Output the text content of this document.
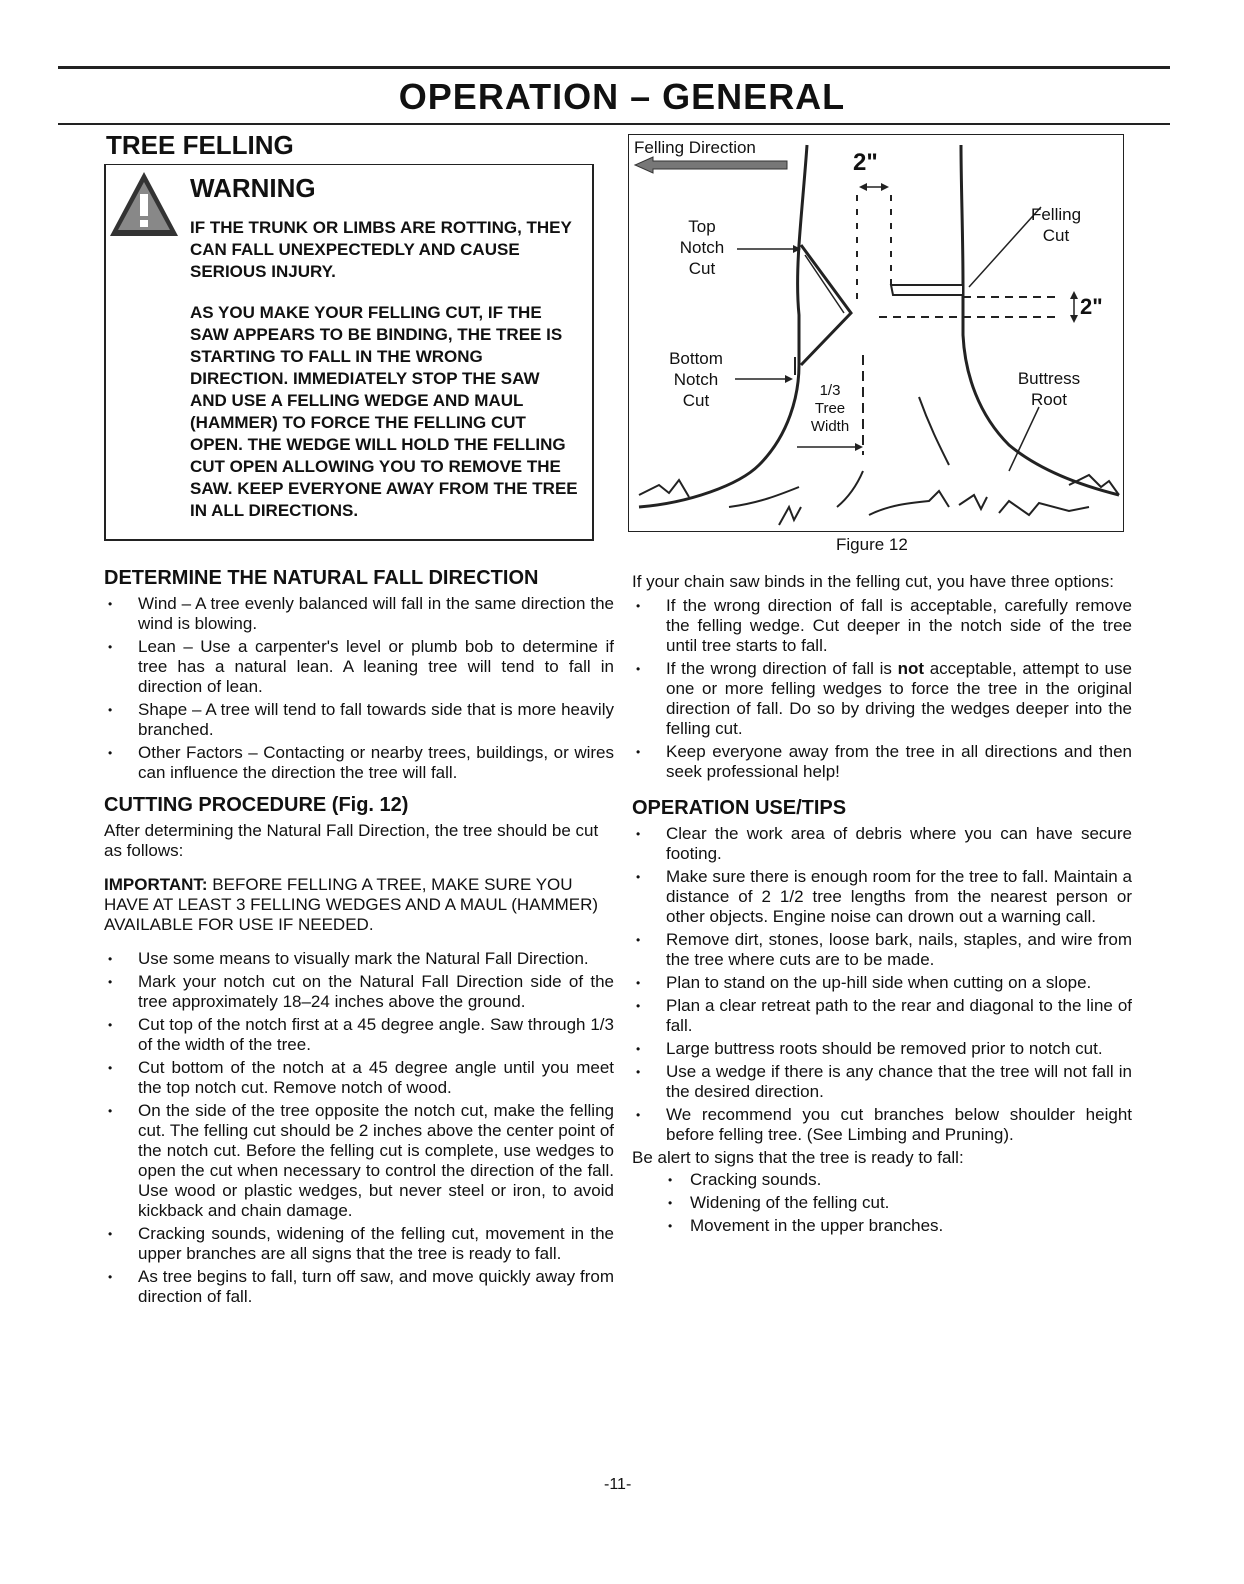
OPERATION – GENERAL
TREE FELLING
WARNING
IF THE TRUNK OR LIMBS ARE ROTTING, THEY CAN FALL UNEXPECTEDLY AND CAUSE SERIOUS INJURY.
AS YOU MAKE YOUR FELLING CUT, IF THE SAW APPEARS TO BE BINDING, THE TREE IS STARTING TO FALL IN THE WRONG DIRECTION. IMMEDIATELY STOP THE SAW AND USE A FELLING WEDGE AND MAUL (HAMMER) TO FORCE THE FELLING CUT OPEN. THE WEDGE WILL HOLD THE FELLING CUT OPEN ALLOWING YOU TO REMOVE THE SAW. KEEP EVERYONE AWAY FROM THE TREE IN ALL DIRECTIONS.
Felling Direction
2"
2"
Top
Notch
Cut
Bottom
Notch
Cut
1/3
Tree
Width
Felling
Cut
Buttress
Root
Figure 12
DETERMINE THE NATURAL FALL DIRECTION
• Wind – A tree evenly balanced will fall in the same direction the wind is blowing.
• Lean – Use a carpenter's level or plumb bob to determine if tree has a natural lean. A leaning tree will tend to fall in direction of lean.
• Shape – A tree will tend to fall towards side that is more heavily branched.
• Other Factors – Contacting or nearby trees, buildings, or wires can influence the direction the tree will fall.
CUTTING PROCEDURE (Fig. 12)

After determining the Natural Fall Direction, the tree should be cut as follows:

IMPORTANT: BEFORE FELLING A TREE, MAKE SURE YOU HAVE AT LEAST 3 FELLING WEDGES AND A MAUL (HAMMER) AVAILABLE FOR USE IF NEEDED.

• Use some means to visually mark the Natural Fall Direction.
• Mark your notch cut on the Natural Fall Direction side of the tree approximately 18–24 inches above the ground.
• Cut top of the notch first at a 45 degree angle. Saw through 1/3 of the width of the tree.
• Cut bottom of the notch at a 45 degree angle until you meet the top notch cut. Remove notch of wood.
• On the side of the tree opposite the notch cut, make the felling cut. The felling cut should be 2 inches above the center point of the notch cut. Before the felling cut is complete, use wedges to open the cut when necessary to control the direction of the fall. Use wood or plastic wedges, but never steel or iron, to avoid kickback and chain damage.
• Cracking sounds, widening of the felling cut, movement in the upper branches are all signs that the tree is ready to fall.
• As tree begins to fall, turn off saw, and move quickly away from direction of fall.

If your chain saw binds in the felling cut, you have three options:

• If the wrong direction of fall is acceptable, carefully remove the felling wedge. Cut deeper in the notch side of the tree until tree starts to fall.
• If the wrong direction of fall is not acceptable, attempt to use one or more felling wedges to force the tree in the original direction of fall. Do so by driving the wedges deeper into the felling cut.
• Keep everyone away from the tree in all directions and then seek professional help!
OPERATION USE/TIPS
• Clear the work area of debris where you can have secure footing.
• Make sure there is enough room for the tree to fall. Maintain a distance of 2 1/2 tree lengths from the nearest person or other objects. Engine noise can drown out a warning call.
• Remove dirt, stones, loose bark, nails, staples, and wire from the tree where cuts are to be made.
• Plan to stand on the up-hill side when cutting on a slope.
• Plan a clear retreat path to the rear and diagonal to the line of fall.
• Large buttress roots should be removed prior to notch cut.
• Use a wedge if there is any chance that the tree will not fall in the desired direction.
• We recommend you cut branches below shoulder height before felling tree. (See Limbing and Pruning).

Be alert to signs that the tree is ready to fall:

• Cracking sounds.
• Widening of the felling cut.
• Movement in the upper branches.
-11-
